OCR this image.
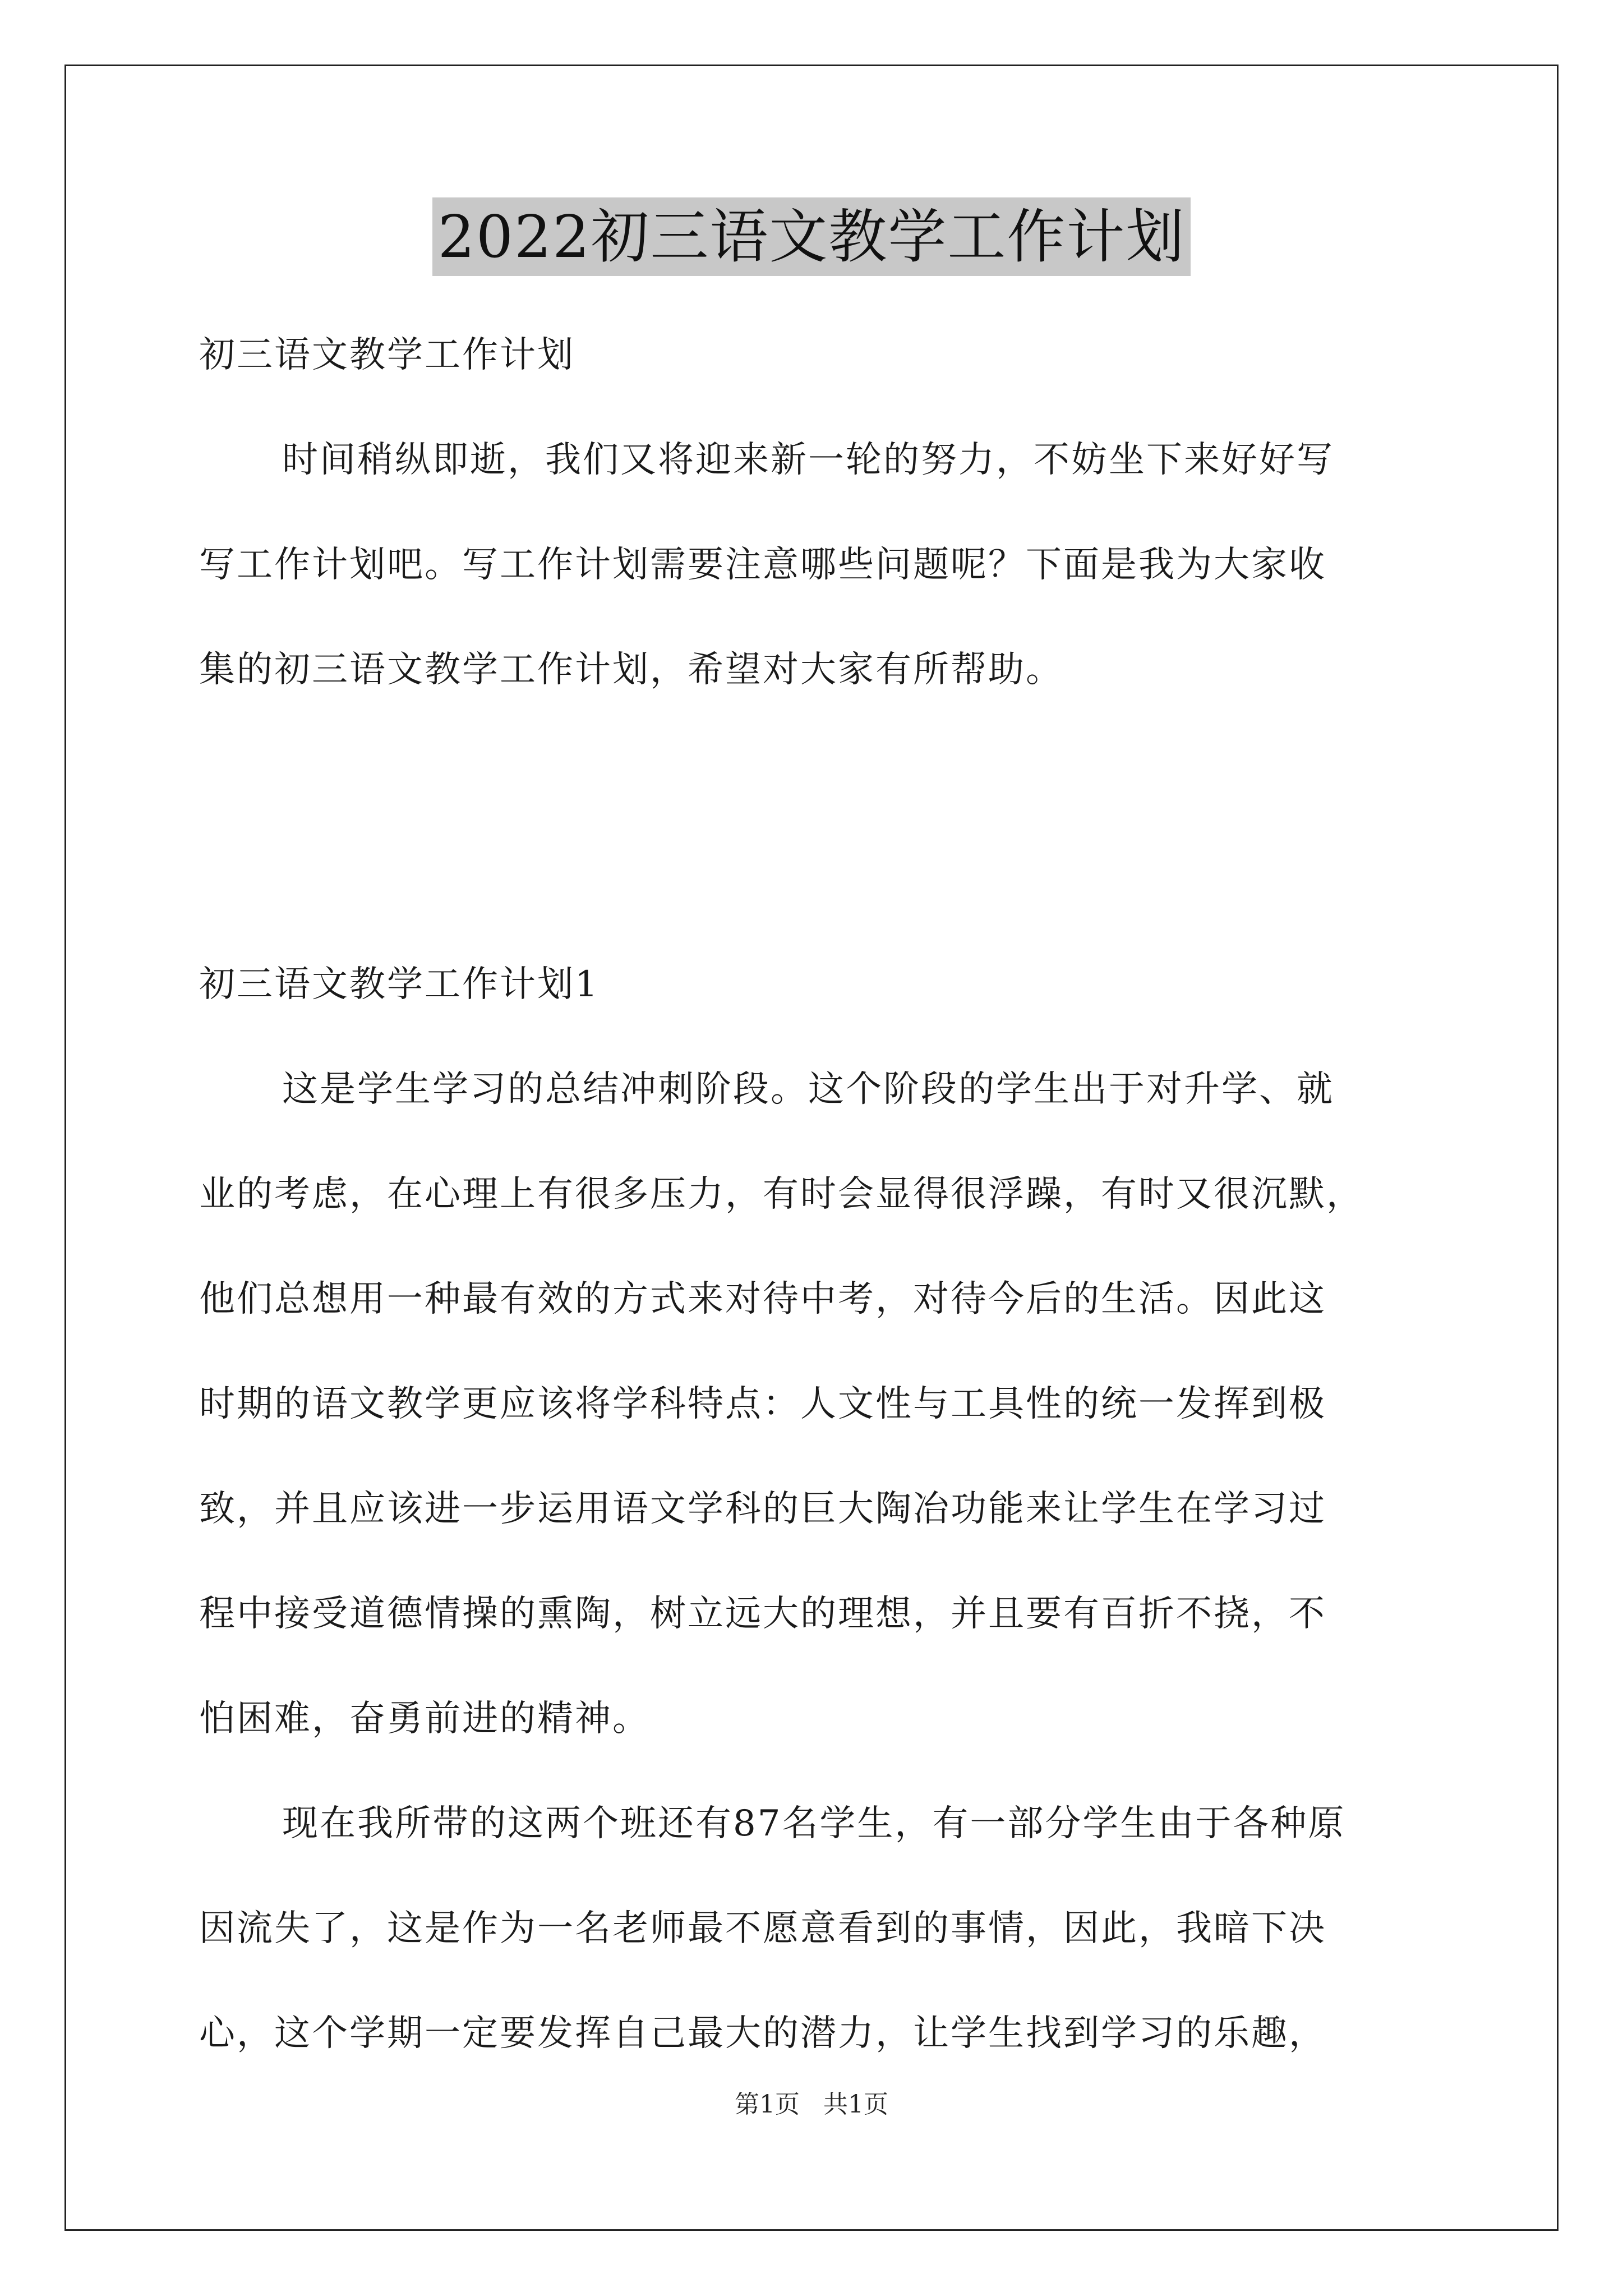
2022初三语文教学工作计划
初三语文教学工作计划
时间稍纵即逝，我们又将迎来新一轮的努力，不妨坐下来好好写
写工作计划吧。写工作计划需要注意哪些问题呢？下面是我为大家收
集的初三语文教学工作计划，希望对大家有所帮助。
初三语文教学工作计划1
这是学生学习的总结冲刺阶段。这个阶段的学生出于对升学、就
业的考虑，在心理上有很多压力，有时会显得很浮躁，有时又很沉默，
他们总想用一种最有效的方式来对待中考，对待今后的生活。因此这
时期的语文教学更应该将学科特点：人文性与工具性的统一发挥到极
致，并且应该进一步运用语文学科的巨大陶冶功能来让学生在学习过
程中接受道德情操的熏陶，树立远大的理想，并且要有百折不挠，不
怕困难，奋勇前进的精神。
现在我所带的这两个班还有87名学生，有一部分学生由于各种原
因流失了，这是作为一名老师最不愿意看到的事情，因此，我暗下决
心，这个学期一定要发挥自己最大的潜力，让学生找到学习的乐趣，
第1页   共1页
